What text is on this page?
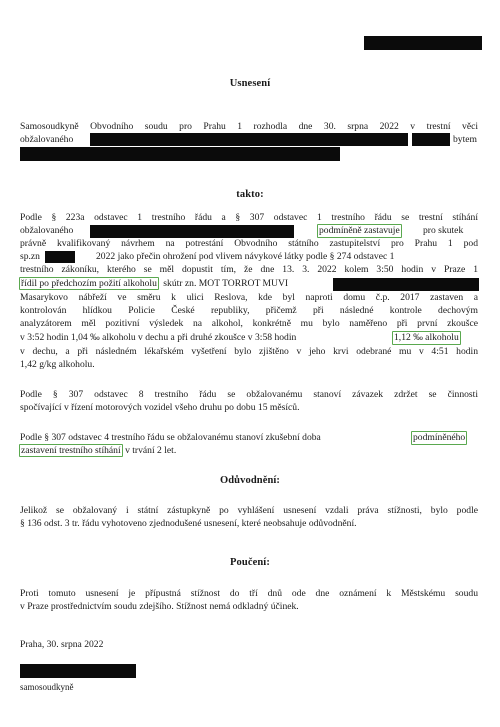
Usnesení
Samosoudkyně Obvodního soudu pro Prahu 1 rozhodla dne 30. srpna 2022 v trestní věci
obžalovaného	bytem
takto:
Podle § 223a odstavec 1 trestního řádu a § 307 odstavec 1 trestního řádu se trestní stíhání
obžalovaného	podmíněně zastavuje pro skutek
právně kvalifikovaný návrhem na potrestání Obvodního státního zastupitelství pro Prahu 1 pod
sp.zn	2022 jako přečin ohrožení pod vlivem návykové látky podle § 274 odstavec 1
trestního zákoníku, kterého se měl dopustit tím, že dne 13. 3. 2022 kolem 3:50 hodin v Praze 1
řídil po předchozím požití alkoholu skútr zn. MOT TORROT MUVI
Masarykovo nábřeží ve směru k ulici Reslova, kde byl naproti domu č.p. 2017 zastaven a
kontrolován hlídkou Policie České republiky, přičemž při následné kontrole dechovým
analyzátorem měl pozitivní výsledek na alkohol, konkrétně mu bylo naměřeno při první zkoušce
v 3:52 hodin 1,04 ‰ alkoholu v dechu a při druhé zkoušce v 3:58 hodin	1,12 ‰ alkoholu
v dechu, a při následném lékařském vyšetření bylo zjištěno v jeho krvi odebrané mu v 4:51 hodin
1,42 g/kg alkoholu.
Podle § 307 odstavec 8 trestního řádu se obžalovanému stanoví závazek zdržet se činnosti
spočívající v řízení motorových vozidel všeho druhu po dobu 15 měsíců.
Podle § 307 odstavec 4 trestního řádu se obžalovanému stanoví zkušební doba	podmíněného
zastavení trestního stíhání v trvání 2 let.
Odůvodnění:
Jelikož se obžalovaný i státní zástupkyně po vyhlášení usnesení vzdali práva stížnosti, bylo podle
§ 136 odst. 3 tr. řádu vyhotoveno zjednodušené usnesení, které neobsahuje odůvodnění.
Poučení:
Proti tomuto usnesení je přípustná stížnost do tří dnů ode dne oznámení k Městskému soudu
v Praze prostřednictvím soudu zdejšího. Stížnost nemá odkladný účinek.
Praha, 30. srpna 2022
samosoudkyně
